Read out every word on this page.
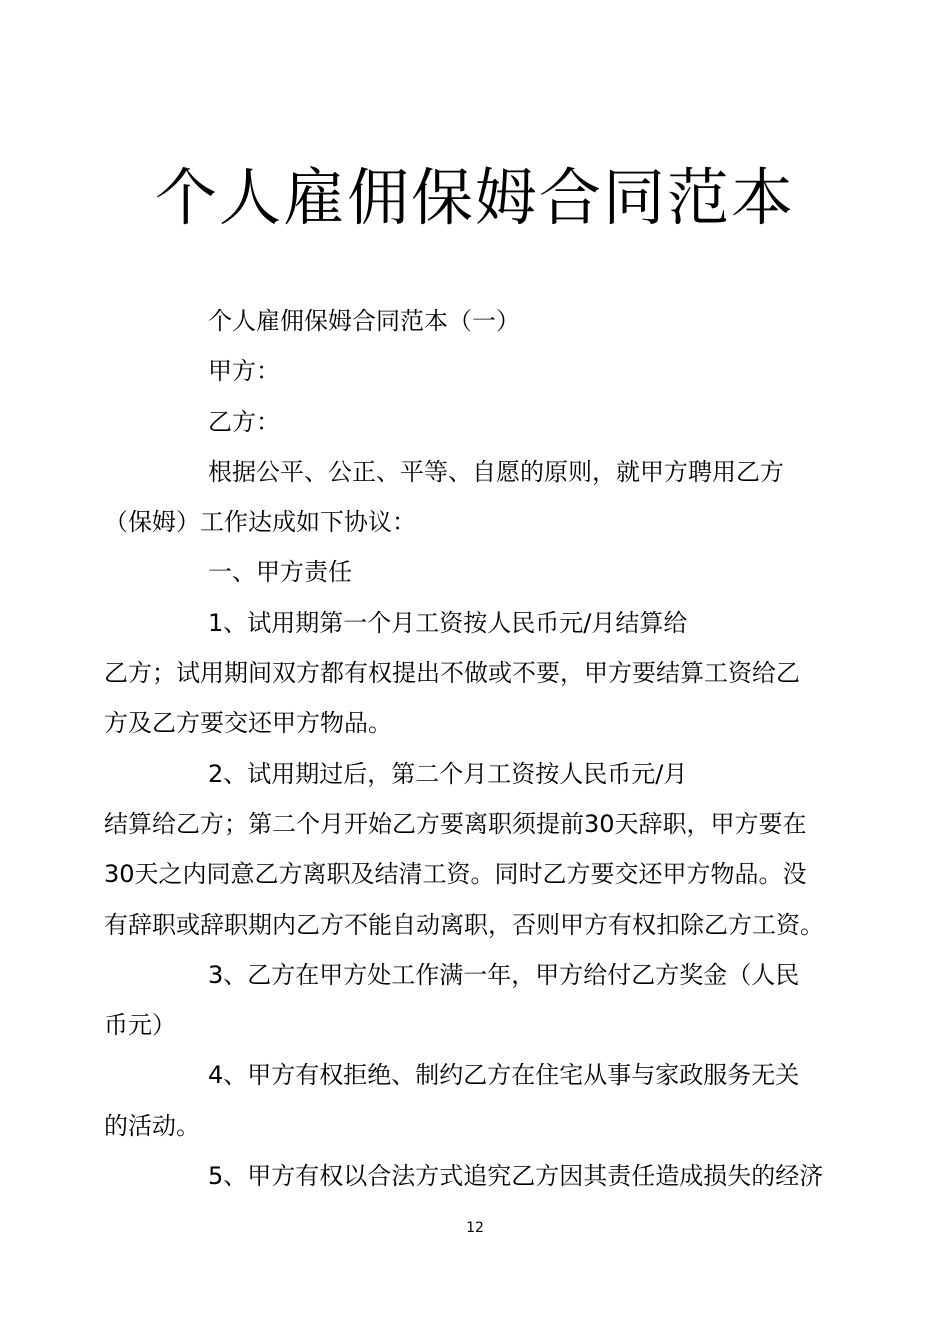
个人雇佣保姆合同范本
个人雇佣保姆合同范本（一）
甲方：
乙方：
根据公平、公正、平等、自愿的原则，就甲方聘用乙方
（保姆）工作达成如下协议：
一、甲方责任
1、试用期第一个月工资按人民币元/月结算给
乙方；试用期间双方都有权提出不做或不要，甲方要结算工资给乙
方及乙方要交还甲方物品。
2、试用期过后，第二个月工资按人民币元/月
结算给乙方；第二个月开始乙方要离职须提前30天辞职，甲方要在
30天之内同意乙方离职及结清工资。同时乙方要交还甲方物品。没
有辞职或辞职期内乙方不能自动离职，否则甲方有权扣除乙方工资。
3、乙方在甲方处工作满一年，甲方给付乙方奖金（人民
币元）
4、甲方有权拒绝、制约乙方在住宅从事与家政服务无关
的活动。
5、甲方有权以合法方式追究乙方因其责任造成损失的经济
12
